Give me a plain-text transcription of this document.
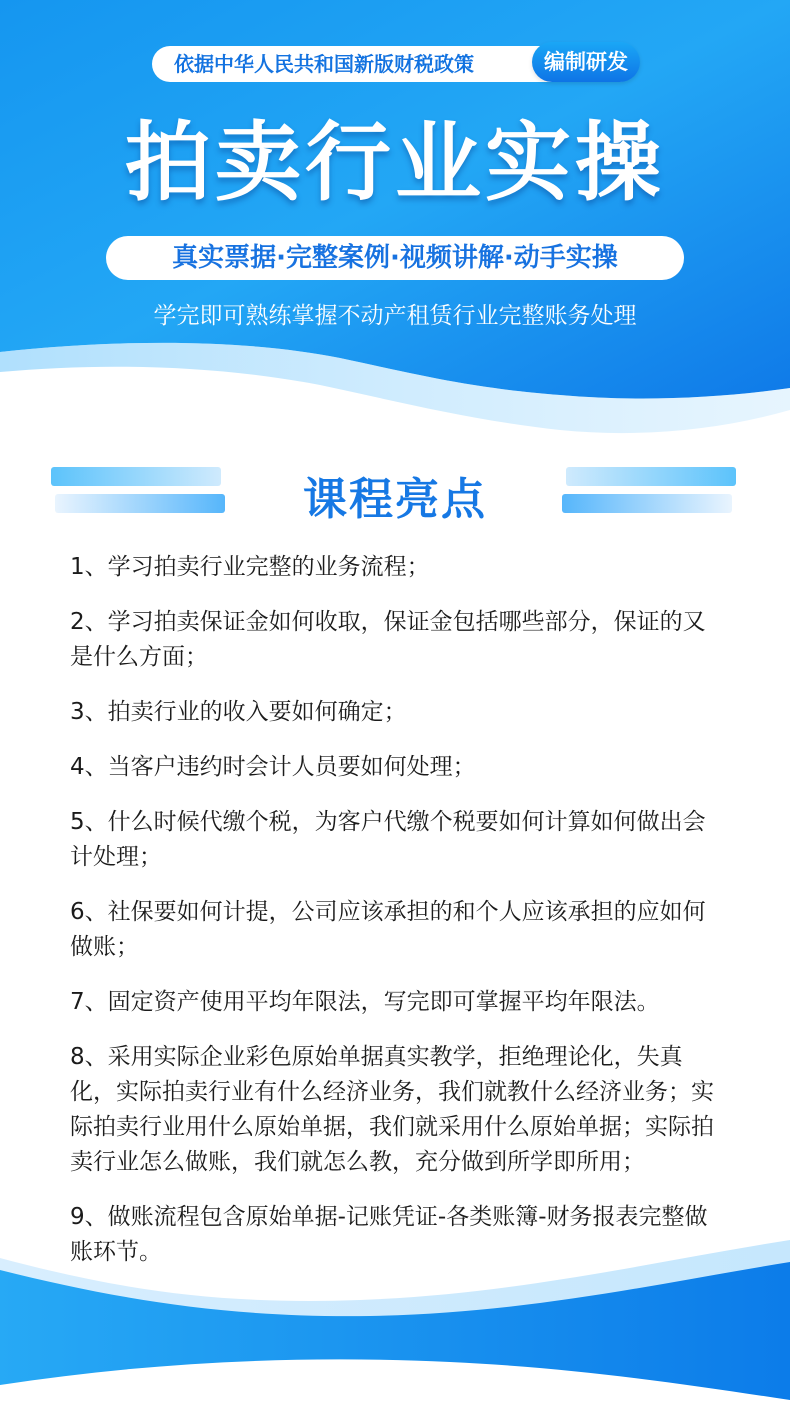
依据中华人民共和国新版财税政策	编制研发
拍卖行业实操
真实票据·完整案例·视频讲解·动手实操
学完即可熟练掌握不动产租赁行业完整账务处理
课程亮点
1、学习拍卖行业完整的业务流程；
2、学习拍卖保证金如何收取，保证金包括哪些部分，保证的又是什么方面；
3、拍卖行业的收入要如何确定；
4、当客户违约时会计人员要如何处理；
5、什么时候代缴个税，为客户代缴个税要如何计算如何做出会计处理；
6、社保要如何计提，公司应该承担的和个人应该承担的应如何做账；
7、固定资产使用平均年限法，写完即可掌握平均年限法。
8、采用实际企业彩色原始单据真实教学，拒绝理论化，失真化，实际拍卖行业有什么经济业务，我们就教什么经济业务；实际拍卖行业用什么原始单据，我们就采用什么原始单据；实际拍卖行业怎么做账，我们就怎么教，充分做到所学即所用；
9、做账流程包含原始单据-记账凭证-各类账簿-财务报表完整做账环节。
